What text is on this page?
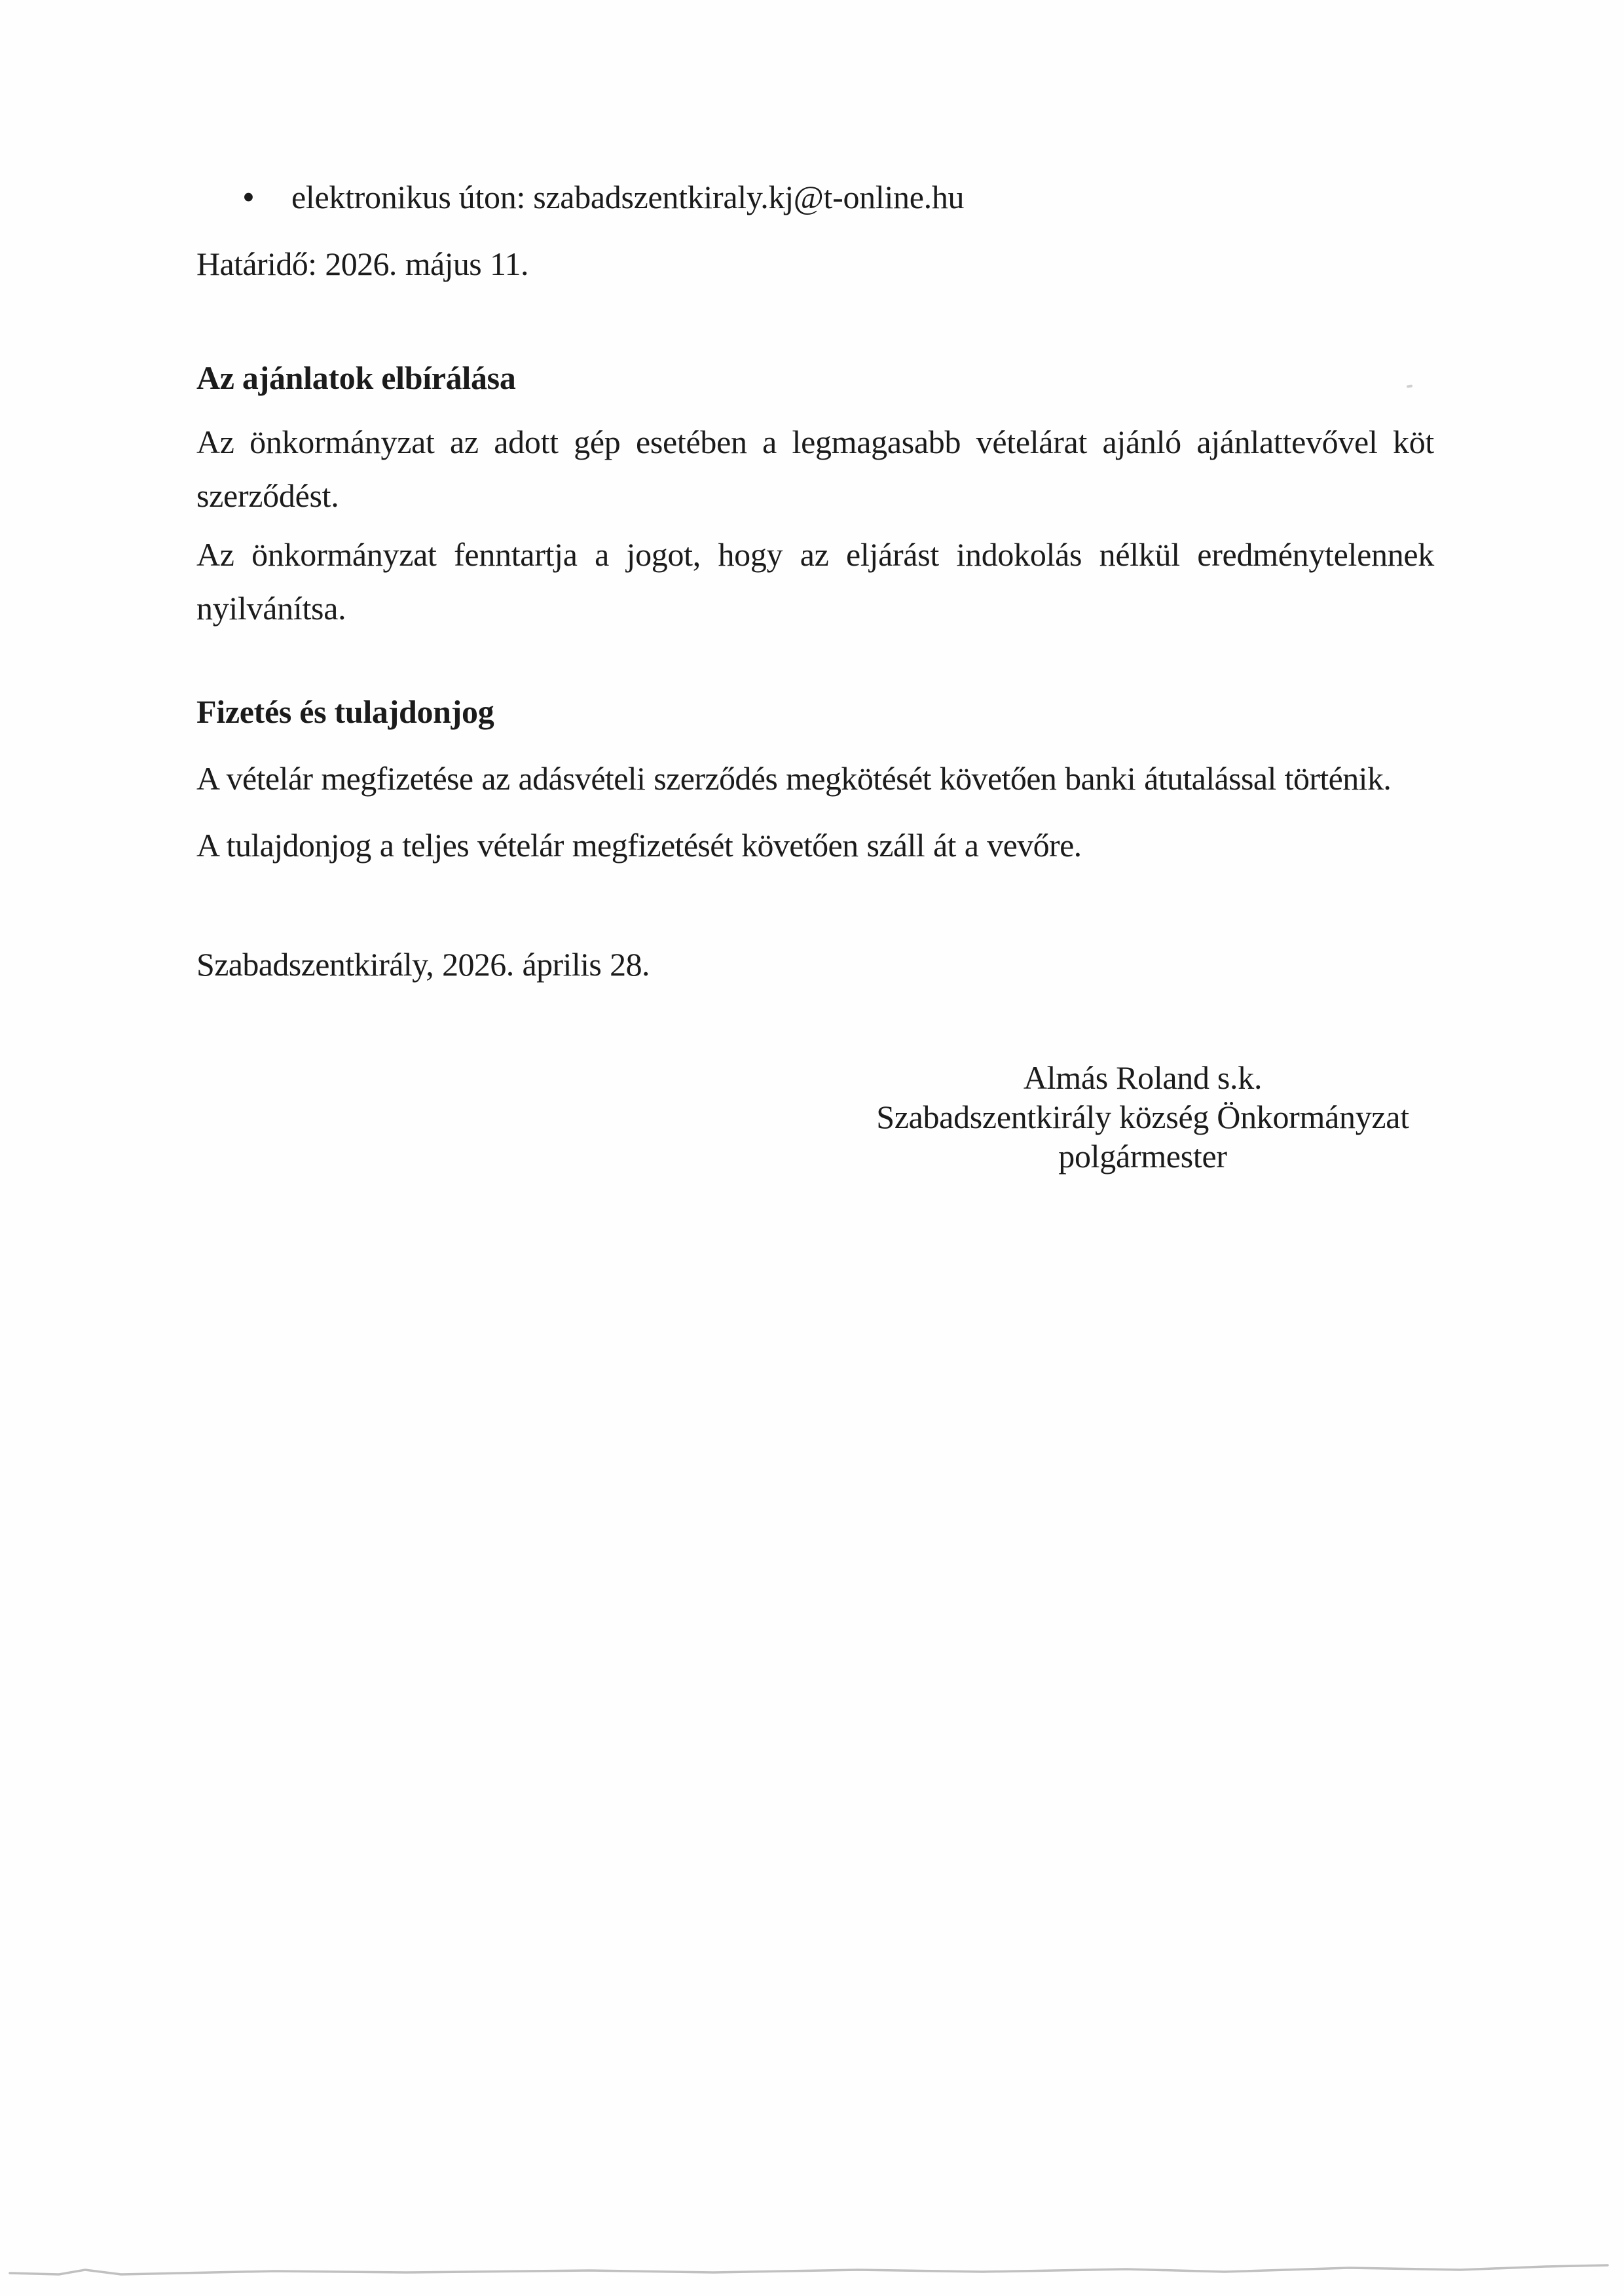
•	elektronikus úton: szabadszentkiraly.kj@t-online.hu
Határidő: 2026. május 11.
Az ajánlatok elbírálása
Az önkormányzat az adott gép esetében a legmagasabb vételárat ajánló ajánlattevővel köt
szerződést.
Az önkormányzat fenntartja a jogot, hogy az eljárást indokolás nélkül eredménytelennek
nyilvánítsa.
Fizetés és tulajdonjog
A vételár megfizetése az adásvételi szerződés megkötését követően banki átutalással történik.
A tulajdonjog a teljes vételár megfizetését követően száll át a vevőre.
Szabadszentkirály, 2026. április 28.
Almás Roland s.k.
Szabadszentkirály község Önkormányzat
polgármester
